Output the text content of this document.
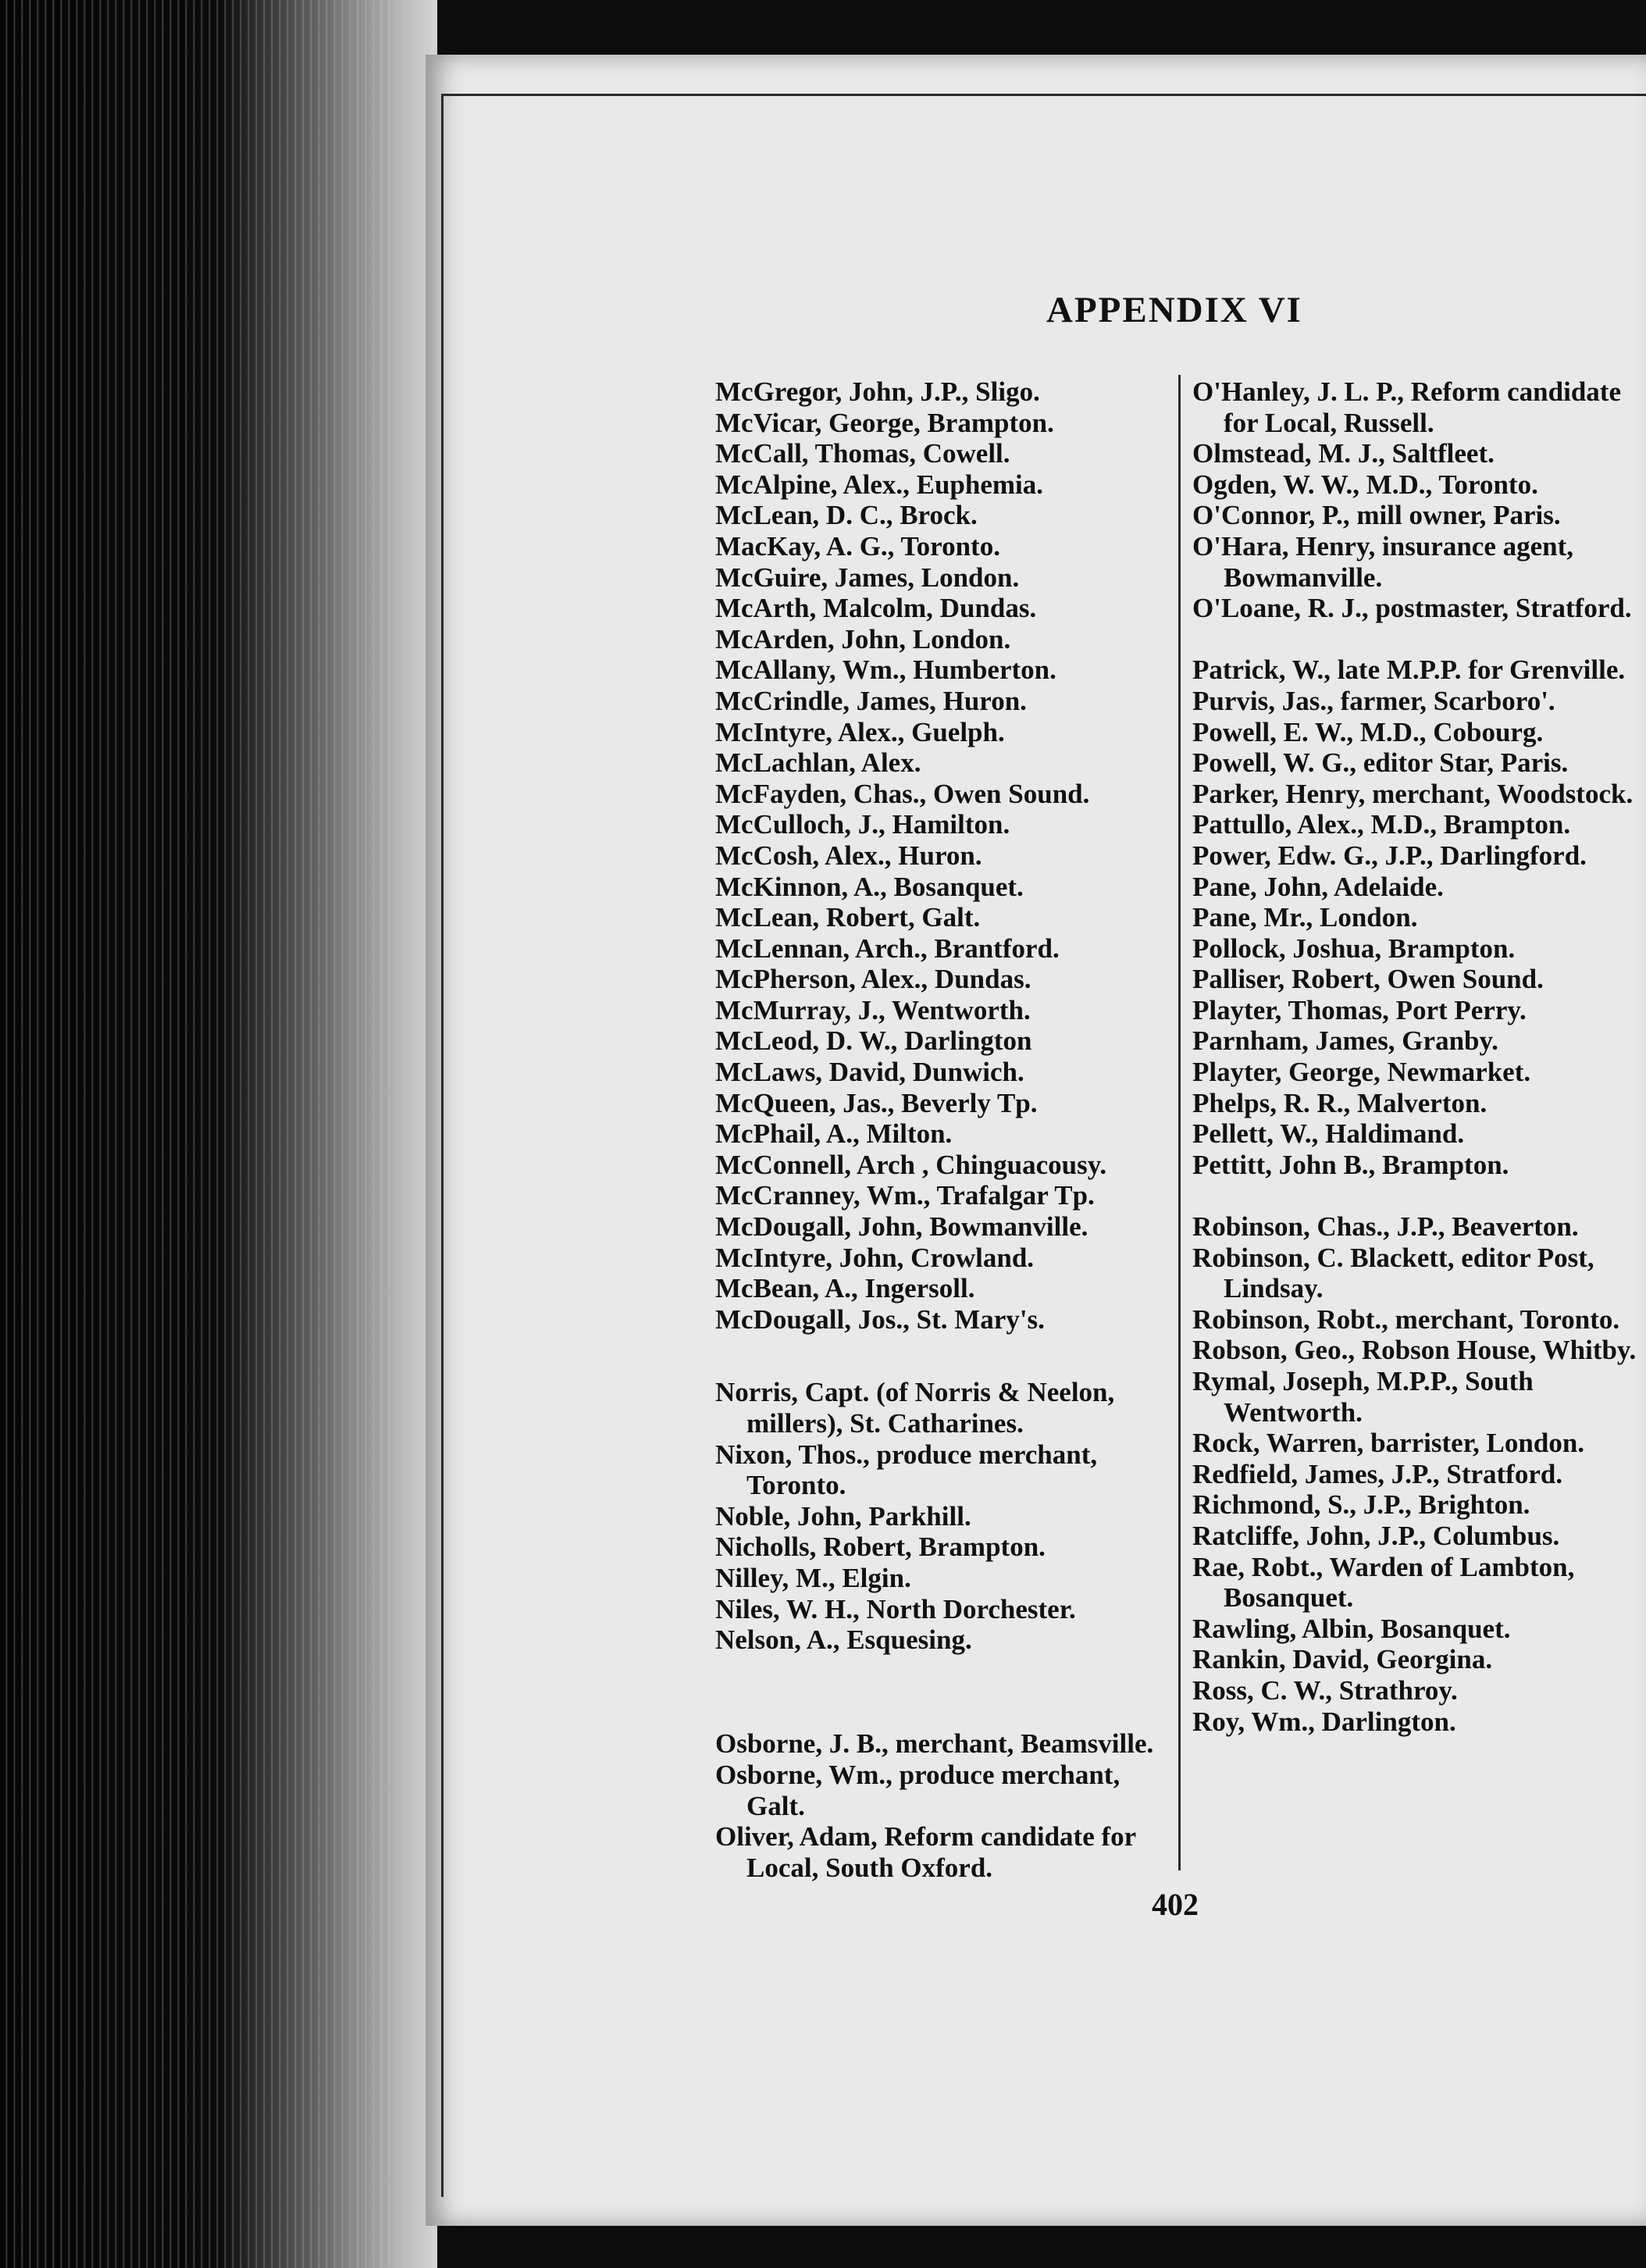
APPENDIX VI
McGregor, John, J.P., Sligo.
McVicar, George, Brampton.
McCall, Thomas, Cowell.
McAlpine, Alex., Euphemia.
McLean, D. C., Brock.
MacKay, A. G., Toronto.
McGuire, James, London.
McArth, Malcolm, Dundas.
McArden, John, London.
McAllany, Wm., Humberton.
McCrindle, James, Huron.
McIntyre, Alex., Guelph.
McLachlan, Alex.
McFayden, Chas., Owen Sound.
McCulloch, J., Hamilton.
McCosh, Alex., Huron.
McKinnon, A., Bosanquet.
McLean, Robert, Galt.
McLennan, Arch., Brantford.
McPherson, Alex., Dundas.
McMurray, J., Wentworth.
McLeod, D. W., Darlington
McLaws, David, Dunwich.
McQueen, Jas., Beverly Tp.
McPhail, A., Milton.
McConnell, Arch , Chinguacousy.
McCranney, Wm., Trafalgar Tp.
McDougall, John, Bowmanville.
McIntyre, John, Crowland.
McBean, A., Ingersoll.
McDougall, Jos., St. Mary's.
Norris, Capt. (of Norris & Neelon, millers), St. Catharines.
Nixon, Thos., produce merchant, Toronto.
Noble, John, Parkhill.
Nicholls, Robert, Brampton.
Nilley, M., Elgin.
Niles, W. H., North Dorchester.
Nelson, A., Esquesing.
Osborne, J. B., merchant, Beamsville.
Osborne, Wm., produce merchant, Galt.
Oliver, Adam, Reform candidate for Local, South Oxford.
O'Hanley, J. L. P., Reform candidate for Local, Russell.
Olmstead, M. J., Saltfleet.
Ogden, W. W., M.D., Toronto.
O'Connor, P., mill owner, Paris.
O'Hara, Henry, insurance agent, Bowmanville.
O'Loane, R. J., postmaster, Stratford.
Patrick, W., late M.P.P. for Grenville.
Purvis, Jas., farmer, Scarboro'.
Powell, E. W., M.D., Cobourg.
Powell, W. G., editor Star, Paris.
Parker, Henry, merchant, Woodstock.
Pattullo, Alex., M.D., Brampton.
Power, Edw. G., J.P., Darlingford.
Pane, John, Adelaide.
Pane, Mr., London.
Pollock, Joshua, Brampton.
Palliser, Robert, Owen Sound.
Playter, Thomas, Port Perry.
Parnham, James, Granby.
Playter, George, Newmarket.
Phelps, R. R., Malverton.
Pellett, W., Haldimand.
Pettitt, John B., Brampton.
Robinson, Chas., J.P., Beaverton.
Robinson, C. Blackett, editor Post, Lindsay.
Robinson, Robt., merchant, Toronto.
Robson, Geo., Robson House, Whitby.
Rymal, Joseph, M.P.P., South Wentworth.
Rock, Warren, barrister, London.
Redfield, James, J.P., Stratford.
Richmond, S., J.P., Brighton.
Ratcliffe, John, J.P., Columbus.
Rae, Robt., Warden of Lambton, Bosanquet.
Rawling, Albin, Bosanquet.
Rankin, David, Georgina.
Ross, C. W., Strathroy.
Roy, Wm., Darlington.
402
